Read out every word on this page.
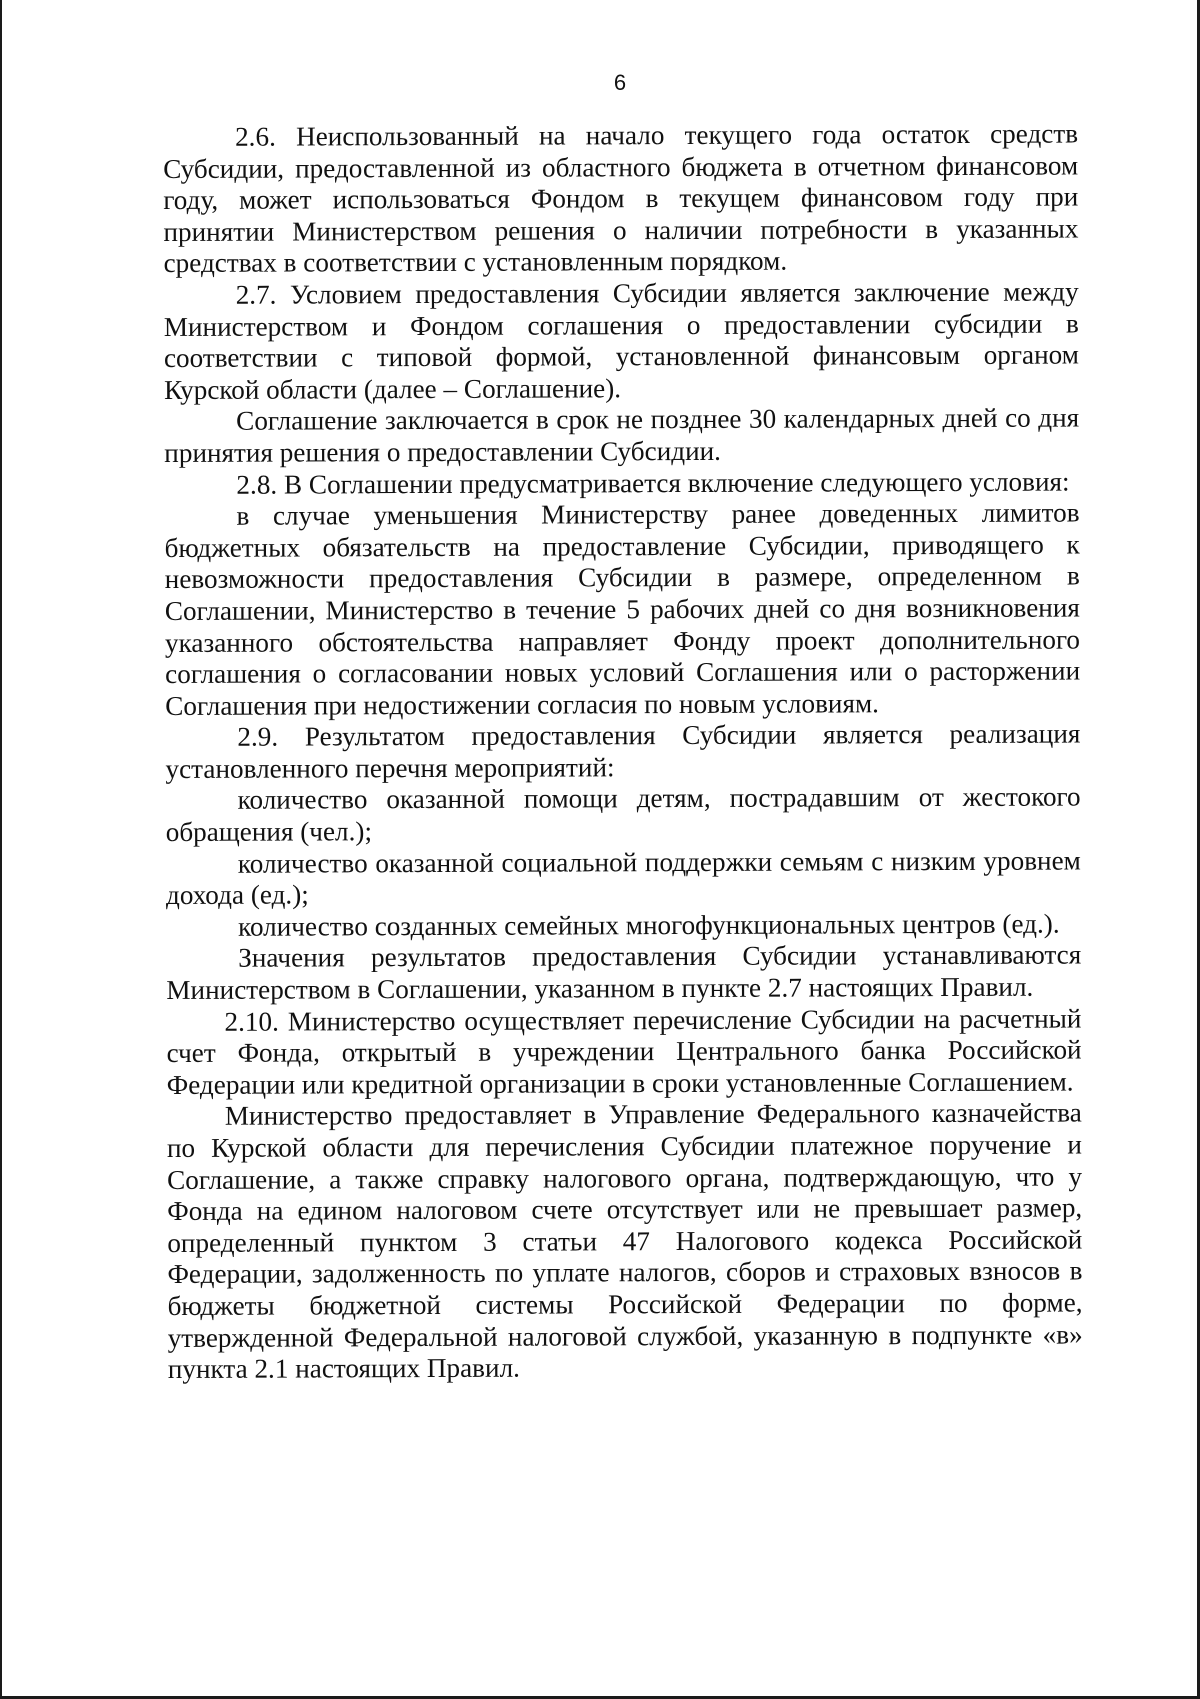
6

2.6. Неиспользованный на начало текущего года остаток средств Субсидии, предоставленной из областного бюджета в отчетном финансовом году, может использоваться Фондом в текущем финансовом году при принятии Министерством решения о наличии потребности в указанных средствах в соответствии с установленным порядком.

2.7. Условием предоставления Субсидии является заключение между Министерством и Фондом соглашения о предоставлении субсидии в соответствии с типовой формой, установленной финансовым органом Курской области (далее – Соглашение).

Соглашение заключается в срок не позднее 30 календарных дней со дня принятия решения о предоставлении Субсидии.

2.8. В Соглашении предусматривается включение следующего условия:

в случае уменьшения Министерству ранее доведенных лимитов бюджетных обязательств на предоставление Субсидии, приводящего к невозможности предоставления Субсидии в размере, определенном в Соглашении, Министерство в течение 5 рабочих дней со дня возникновения указанного обстоятельства направляет Фонду проект дополнительного соглашения о согласовании новых условий Соглашения или о расторжении Соглашения при недостижении согласия по новым условиям.

2.9. Результатом предоставления Субсидии является реализация установленного перечня мероприятий:

количество оказанной помощи детям, пострадавшим от жестокого обращения (чел.);

количество оказанной социальной поддержки семьям с низким уровнем дохода (ед.);

количество созданных семейных многофункциональных центров (ед.).

Значения результатов предоставления Субсидии устанавливаются Министерством в Соглашении, указанном в пункте 2.7 настоящих Правил.

2.10. Министерство осуществляет перечисление Субсидии на расчетный счет Фонда, открытый в учреждении Центрального банка Российской Федерации или кредитной организации в сроки установленные Соглашением.

Министерство предоставляет в Управление Федерального казначейства по Курской области для перечисления Субсидии платежное поручение и Соглашение, а также справку налогового органа, подтверждающую, что у Фонда на едином налоговом счете отсутствует или не превышает размер, определенный пунктом 3 статьи 47 Налогового кодекса Российской Федерации, задолженность по уплате налогов, сборов и страховых взносов в бюджеты бюджетной системы Российской Федерации по форме, утвержденной Федеральной налоговой службой, указанную в подпункте «в» пункта 2.1 настоящих Правил.
